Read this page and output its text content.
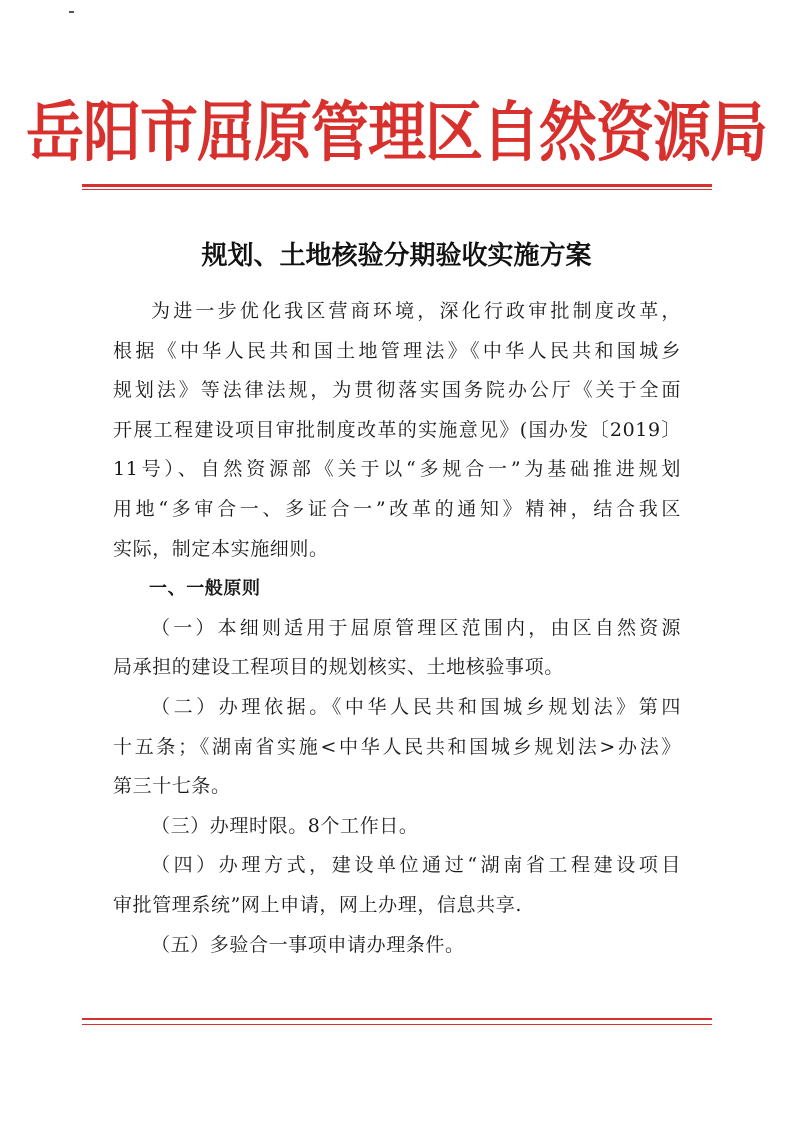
岳阳市屈原管理区自然资源局
规划、土地核验分期验收实施方案

为进一步优化我区营商环境，深化行政审批制度改革，

根据《中华人民共和国土地管理法》《中华人民共和国城乡

规划法》等法律法规，为贯彻落实国务院办公厅《关于全面

开展工程建设项目审批制度改革的实施意见》(国办发〔2019〕

11号）、自然资源部《关于以“多规合一”为基础推进规划

用地“多审合一、多证合一”改革的通知》精神，结合我区

实际，制定本实施细则。

一、一般原则

（一）本细则适用于屈原管理区范围内，由区自然资源

局承担的建设工程项目的规划核实、土地核验事项。

（二）办理依据。《中华人民共和国城乡规划法》第四

十五条；《湖南省实施<中华人民共和国城乡规划法>办法》

第三十七条。

（三）办理时限。8个工作日。

（四）办理方式，建设单位通过“湖南省工程建设项目

审批管理系统”网上申请，网上办理，信息共享.

（五）多验合一事项申请办理条件。
